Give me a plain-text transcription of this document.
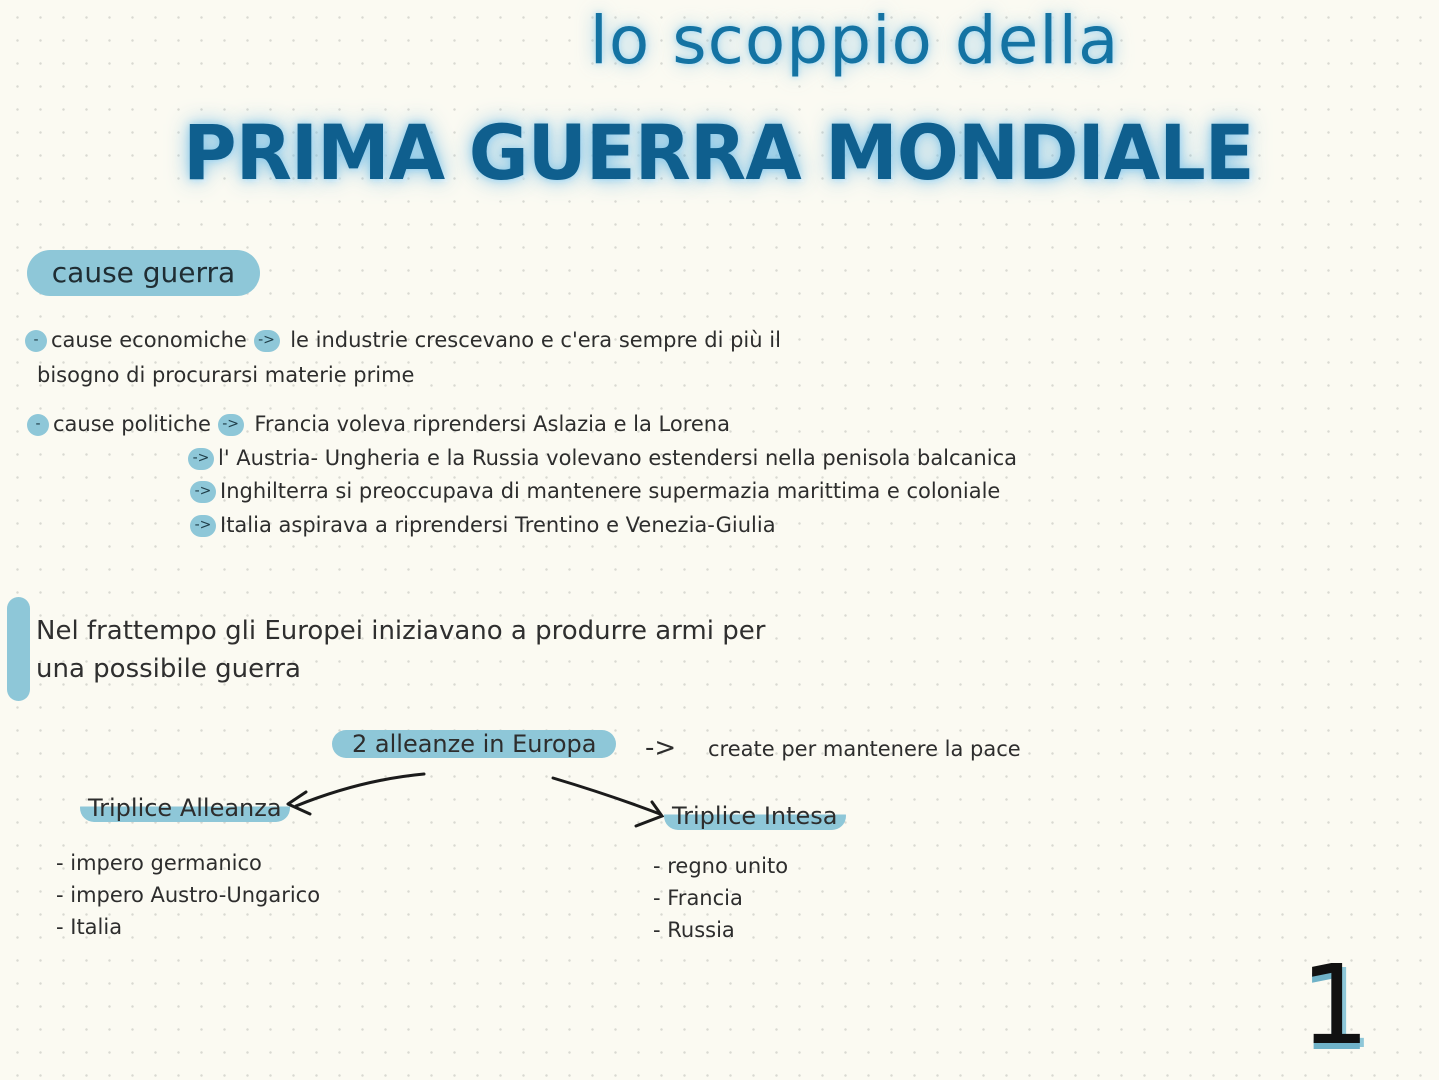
lo scoppio della
PRIMA GUERRA MONDIALE
cause guerra
- cause economiche -> le industrie crescevano e c'era sempre di più il
bisogno di procurarsi materie prime
- cause politiche -> Francia voleva riprendersi Aslazia e la Lorena
-> l' Austria- Ungheria e la Russia volevano estendersi nella penisola balcanica
-> Inghilterra si preoccupava di mantenere supermazia marittima e coloniale
-> Italia aspirava a riprendersi Trentino e Venezia-Giulia
Nel frattempo gli Europei iniziavano a produrre armi per
una possibile guerra
2 alleanze in Europa	-> create per mantenere la pace
Triplice Alleanza
- impero germanico
- impero Austro-Ungarico
- Italia
Triplice Intesa
- regno unito
- Francia
- Russia
1
